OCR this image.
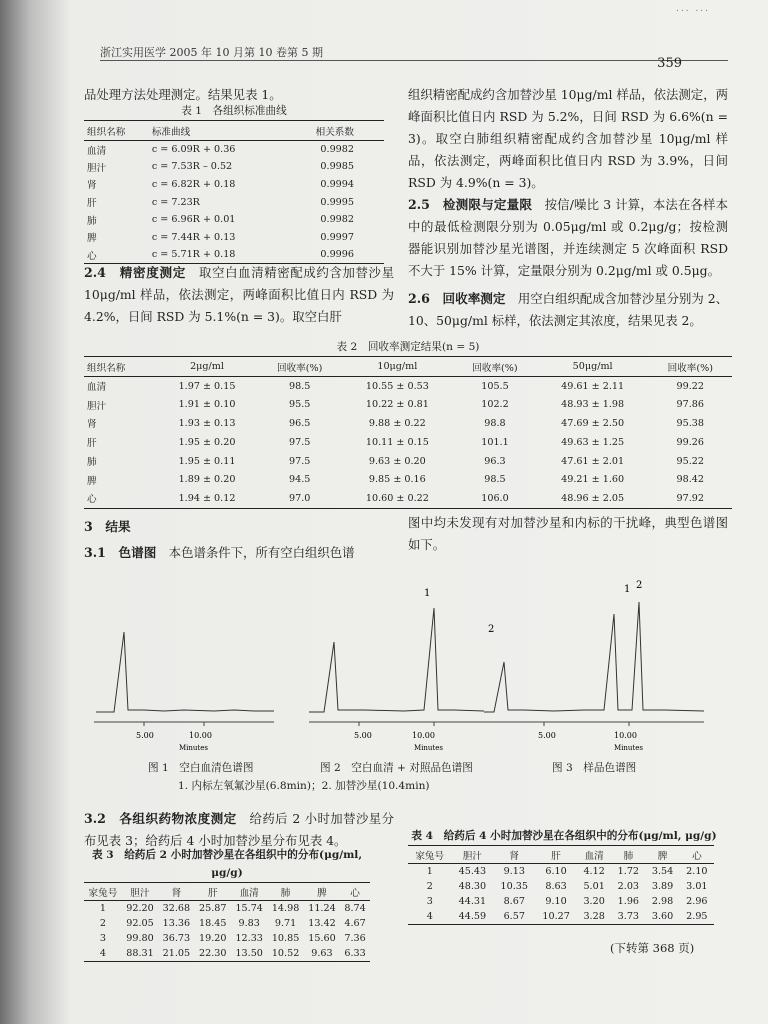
浙江实用医学 2005 年 10 月第 10 卷第 5 期
... ...
359
品处理方法处理测定。结果见表 1。
表 1　各组织标准曲线
组织名称	标准曲线	相关系数
血清	c = 6.09R + 0.36	0.9982
胆汁	c = 7.53R – 0.52	0.9985
肾	c = 6.82R + 0.18	0.9994
肝	c = 7.23R	0.9995
肺	c = 6.96R + 0.01	0.9982
脾	c = 7.44R + 0.13	0.9997
心	c = 5.71R + 0.18	0.9996
2.4　精密度测定　取空白血清精密配成约含加替沙星 10μg/ml 样品，依法测定，两峰面积比值日内 RSD 为 4.2%，日间 RSD 为 5.1%(n = 3)。取空白肝
组织精密配成约含加替沙星 10μg/ml 样品，依法测定，两峰面积比值日内 RSD 为 5.2%，日间 RSD 为 6.6%(n = 3)。取空白肺组织精密配成约含加替沙星 10μg/ml 样品，依法测定，两峰面积比值日内 RSD 为 3.9%，日间 RSD 为 4.9%(n = 3)。
2.5　检测限与定量限　按信/噪比 3 计算，本法在各样本中的最低检测限分别为 0.05μg/ml 或 0.2μg/g；按检测器能识别加替沙星光谱图，并连续测定 5 次峰面积 RSD 不大于 15% 计算，定量限分别为 0.2μg/ml 或 0.5μg。
2.6　回收率测定　用空白组织配成含加替沙星分别为 2、10、50μg/ml 标样，依法测定其浓度，结果见表 2。
表 2　回收率测定结果(n = 5)
组织名称	2μg/ml	回收率(%)	10μg/ml	回收率(%)	50μg/ml	回收率(%)
血清	1.97 ± 0.15	98.5	10.55 ± 0.53	105.5	49.61 ± 2.11	99.22
胆汁	1.91 ± 0.10	95.5	10.22 ± 0.81	102.2	48.93 ± 1.98	97.86
肾	1.93 ± 0.13	96.5	9.88 ± 0.22	98.8	47.69 ± 2.50	95.38
肝	1.95 ± 0.20	97.5	10.11 ± 0.15	101.1	49.63 ± 1.25	99.26
肺	1.95 ± 0.11	97.5	9.63 ± 0.20	96.3	47.61 ± 2.01	95.22
脾	1.89 ± 0.20	94.5	9.85 ± 0.16	98.5	49.21 ± 1.60	98.42
心	1.94 ± 0.12	97.0	10.60 ± 0.22	106.0	48.96 ± 2.05	97.92
3　结果
3.1　色谱图　本色谱条件下，所有空白组织色谱
图中均未发现有对加替沙星和内标的干扰峰，典型色谱图如下。
5.00	10.00
Minutes
1
5.00	10.00
Minutes
2
1 2
5.00	10.00
Minutes
图 1　空白血清色谱图	图 2　空白血清 + 对照品色谱图	图 3　样品色谱图
1. 内标左氧氟沙星(6.8min)；2. 加替沙星(10.4min)
3.2　各组织药物浓度测定　给药后 2 小时加替沙星分布见表 3；给药后 4 小时加替沙星分布见表 4。
表 3　给药后 2 小时加替沙星在各组织中的分布(μg/ml, μg/g)
家兔号	胆汁	肾	肝	血清	肺	脾	心
1	92.20	32.68	25.87	15.74	14.98	11.24	8.74
2	92.05	13.36	18.45	9.83	9.71	13.42	4.67
3	99.80	36.73	19.20	12.33	10.85	15.60	7.36
4	88.31	21.05	22.30	13.50	10.52	9.63	6.33
表 4　给药后 4 小时加替沙星在各组织中的分布(μg/ml, μg/g)
家兔号	胆汁	肾	肝	血清	肺	脾	心
1	45.43	9.13	6.10	4.12	1.72	3.54	2.10
2	48.30	10.35	8.63	5.01	2.03	3.89	3.01
3	44.31	8.67	9.10	3.20	1.96	2.98	2.96
4	44.59	6.57	10.27	3.28	3.73	3.60	2.95
(下转第 368 页)
